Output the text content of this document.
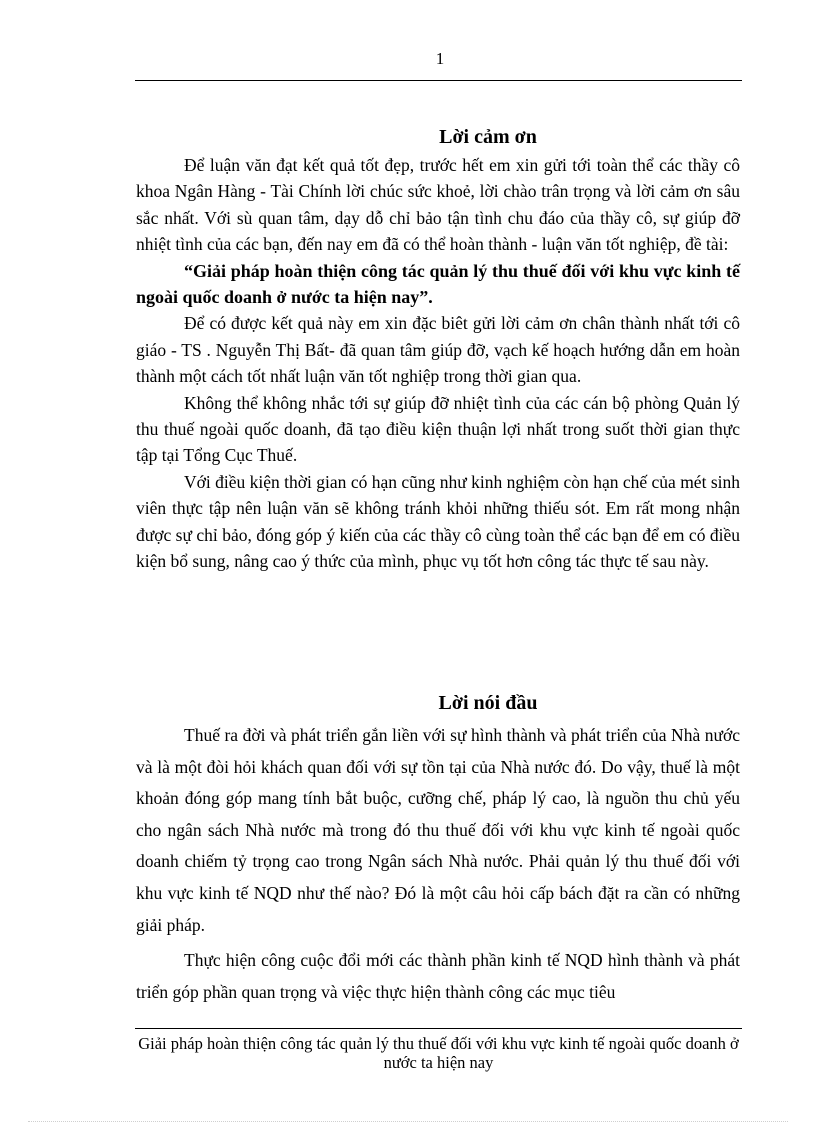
1
Lời cảm ơn

Để luận văn đạt kết quả tốt đẹp, trước hết em xin gửi tới toàn thể các thầy cô khoa Ngân Hàng - Tài Chính lời chúc sức khoẻ, lời chào trân trọng và lời cảm ơn sâu sắc nhất. Với sù quan tâm, dạy dỗ chỉ bảo tận tình chu đáo của thầy cô, sự giúp đỡ nhiệt tình của các bạn, đến nay em đã có thể hoàn thành - luận văn tốt nghiệp, đề tài:

“Giải pháp hoàn thiện công tác quản lý thu thuế đối với khu vực kinh tế ngoài quốc doanh ở nước ta hiện nay”.

Để có được kết quả này em xin đặc biêt gửi lời cảm ơn chân thành nhất tới cô giáo - TS . Nguyễn Thị Bất- đã quan tâm giúp đỡ, vạch kế hoạch hướng dẫn em hoàn thành một cách tốt nhất luận văn tốt nghiệp trong thời gian qua.

Không thể không nhắc tới sự giúp đỡ nhiệt tình của các cán bộ phòng Quản lý thu thuế ngoài quốc doanh, đã tạo điều kiện thuận lợi nhất trong suốt thời gian thực tập tại Tổng Cục Thuế.

Với điều kiện thời gian có hạn cũng như kinh nghiệm còn hạn chế của mét sinh viên thực tập nên luận văn sẽ không tránh khỏi những thiếu sót. Em rất mong nhận được sự chỉ bảo, đóng góp ý kiến của các thầy cô cùng toàn thể các bạn để em có điều kiện bổ sung, nâng cao ý thức của mình, phục vụ tốt hơn công tác thực tế sau này.

Lời nói đầu

Thuế ra đời và phát triển gắn liền với sự hình thành và phát triển của Nhà nước và là một đòi hỏi khách quan đối với sự tồn tại của Nhà nước đó. Do vậy, thuế là một khoản đóng góp mang tính bắt buộc, cưỡng chế, pháp lý cao, là nguồn thu chủ yếu cho ngân sách Nhà nước mà trong đó thu thuế đối với khu vực kinh tế ngoài quốc doanh chiếm tỷ trọng cao trong Ngân sách Nhà nước. Phải quản lý thu thuế đối với khu vực kinh tế NQD như thế nào? Đó là một câu hỏi cấp bách đặt ra cần có những giải pháp.

Thực hiện công cuộc đổi mới các thành phần kinh tế NQD hình thành và phát triển góp phần quan trọng và việc thực hiện thành công các mục tiêu

Giải pháp hoàn thiện công tác quản lý thu thuế đối với khu vực kinh tế ngoài quốc doanh ở nước ta hiện nay
